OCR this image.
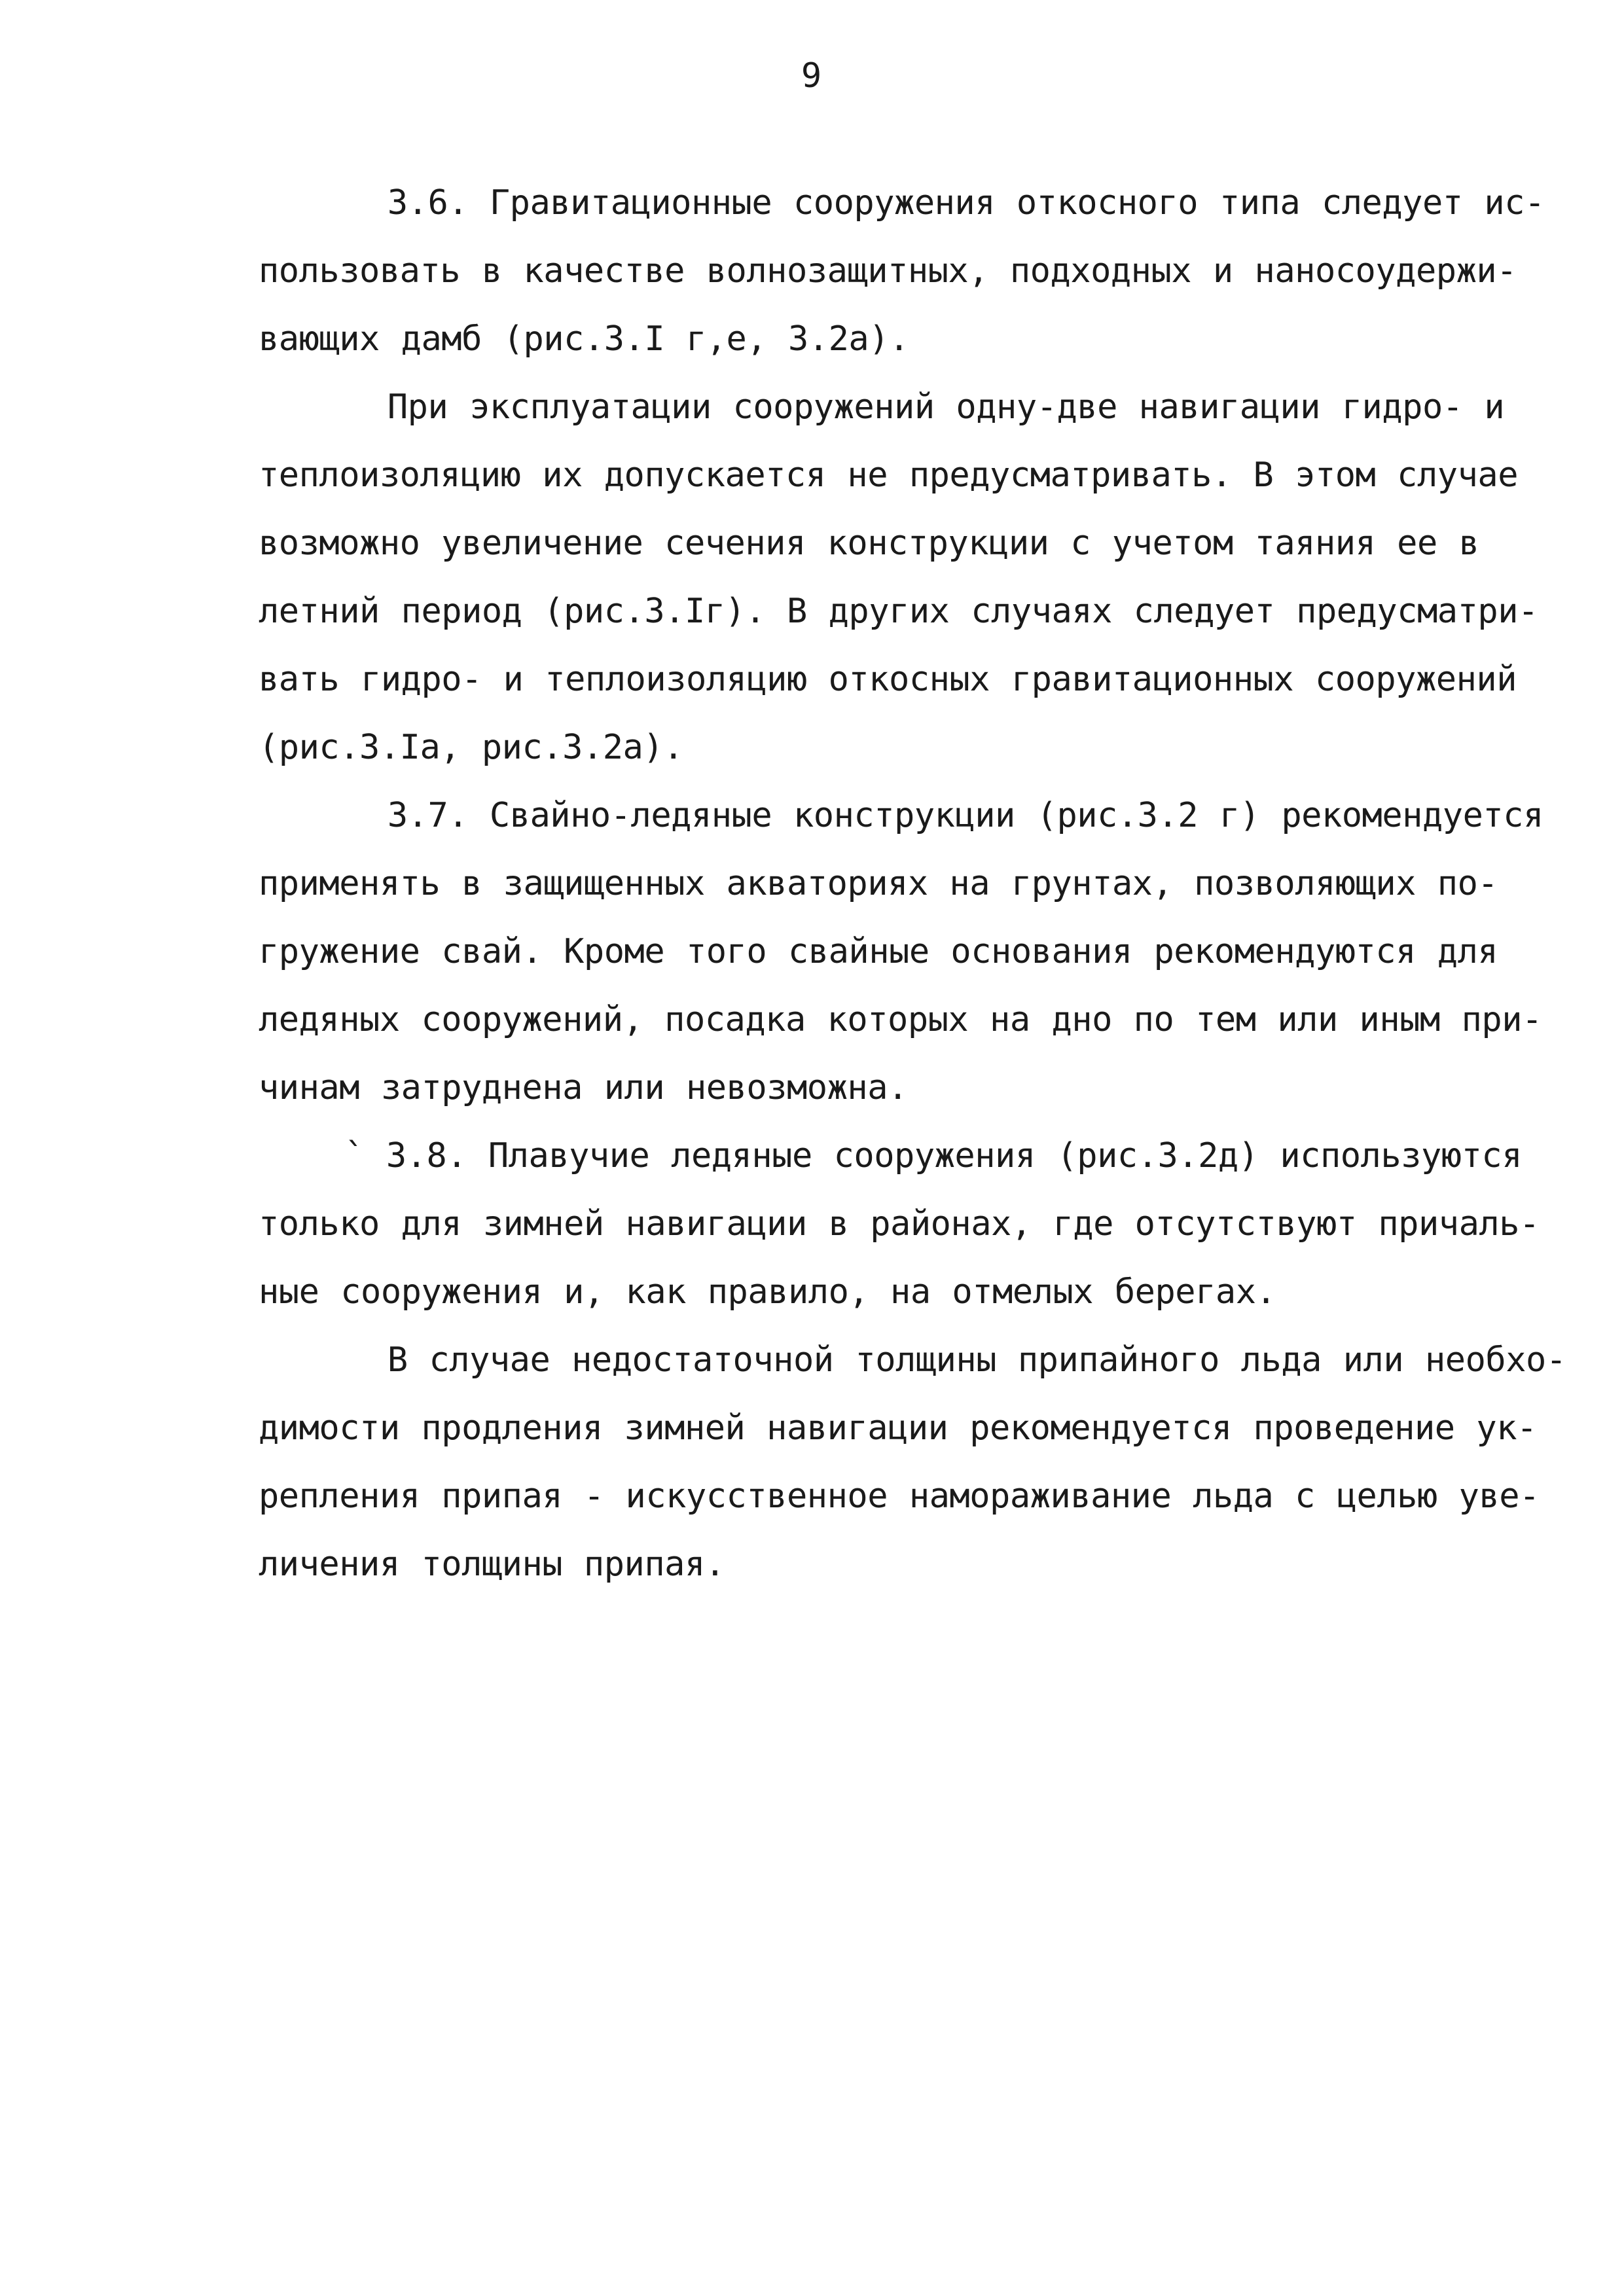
9
3.6. Гравитационные сооружения откосного типа следует ис-
пользовать в качестве волнозащитных, подходных и наносоудержи-
вающих дамб (рис.3.I г,е, 3.2а).
При эксплуатации сооружений одну-две навигации гидро- и
теплоизоляцию их допускается не предусматривать. В этом случае
возможно увеличение сечения конструкции с учетом таяния ее в
летний период (рис.3.Iг). В других случаях следует предусматри-
вать гидро- и теплоизоляцию откосных гравитационных сооружений
(рис.3.Iа, рис.3.2а).
3.7. Свайно-ледяные конструкции (рис.3.2 г) рекомендуется
применять в защищенных акваториях на грунтах, позволяющих по-
гружение свай. Кроме того свайные основания рекомендуются для
ледяных сооружений, посадка которых на дно по тем или иным при-
чинам затруднена или невозможна.
` 3.8. Плавучие ледяные сооружения (рис.3.2д) используются
только для зимней навигации в районах, где отсутствуют причаль-
ные сооружения и, как правило, на отмелых берегах.
В случае недостаточной толщины припайного льда или необхо-
димости продления зимней навигации рекомендуется проведение ук-
репления припая - искусственное намораживание льда с целью уве-
личения толщины припая.
